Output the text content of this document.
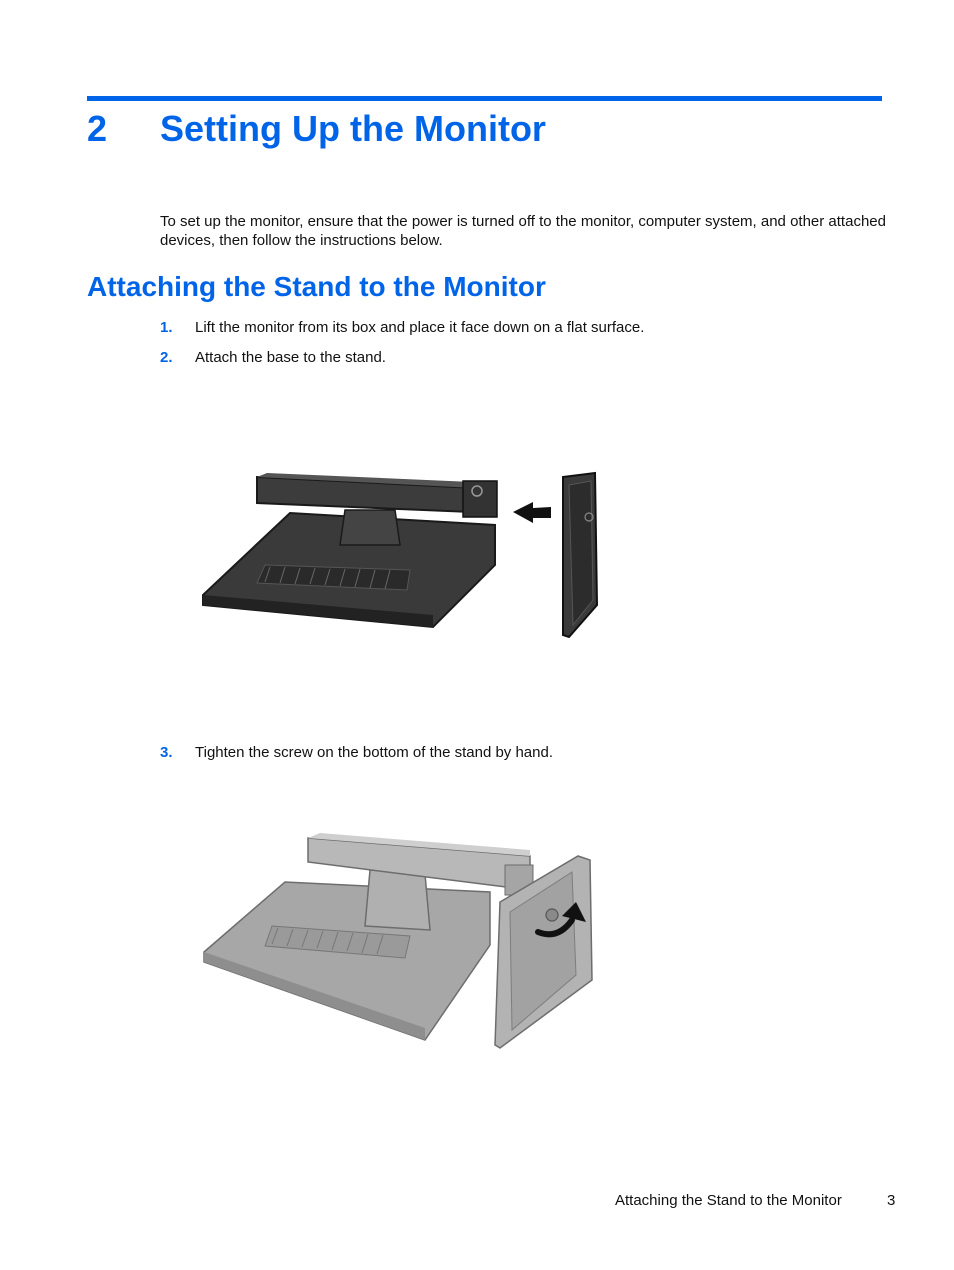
2 Setting Up the Monitor
To set up the monitor, ensure that the power is turned off to the monitor, computer system, and other attached devices, then follow the instructions below.
Attaching the Stand to the Monitor
1. Lift the monitor from its box and place it face down on a flat surface.
2. Attach the base to the stand.
3. Tighten the screw on the bottom of the stand by hand.
Attaching the Stand to the Monitor	3
